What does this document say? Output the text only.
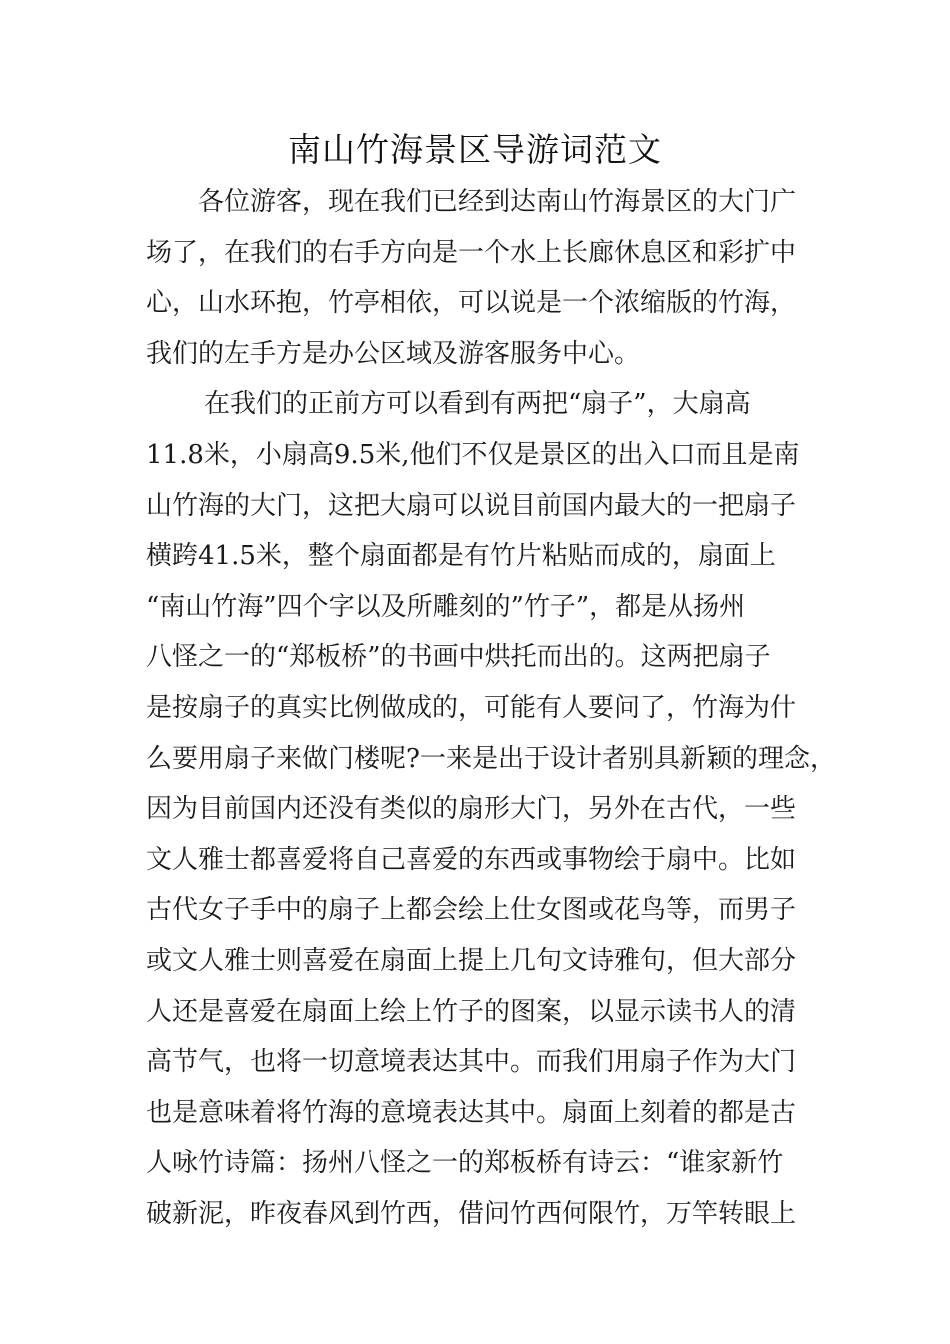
南山竹海景区导游词范文
各位游客，现在我们已经到达南山竹海景区的大门广
场了，在我们的右手方向是一个水上长廊休息区和彩扩中
心，山水环抱，竹亭相依，可以说是一个浓缩版的竹海，
我们的左手方是办公区域及游客服务中心。
在我们的正前方可以看到有两把“扇子”，大扇高
11.8米，小扇高9.5米,他们不仅是景区的出入口而且是南
山竹海的大门，这把大扇可以说目前国内最大的一把扇子
横跨41.5米，整个扇面都是有竹片粘贴而成的，扇面上
“南山竹海”四个字以及所雕刻的”竹子”，都是从扬州
八怪之一的“郑板桥”的书画中烘托而出的。这两把扇子
是按扇子的真实比例做成的，可能有人要问了，竹海为什
么要用扇子来做门楼呢?一来是出于设计者别具新颖的理念，
因为目前国内还没有类似的扇形大门，另外在古代，一些
文人雅士都喜爱将自己喜爱的东西或事物绘于扇中。比如
古代女子手中的扇子上都会绘上仕女图或花鸟等，而男子
或文人雅士则喜爱在扇面上提上几句文诗雅句，但大部分
人还是喜爱在扇面上绘上竹子的图案，以显示读书人的清
高节气，也将一切意境表达其中。而我们用扇子作为大门
也是意味着将竹海的意境表达其中。扇面上刻着的都是古
人咏竹诗篇：扬州八怪之一的郑板桥有诗云：“谁家新竹
破新泥，昨夜春风到竹西，借问竹西何限竹，万竿转眼上
